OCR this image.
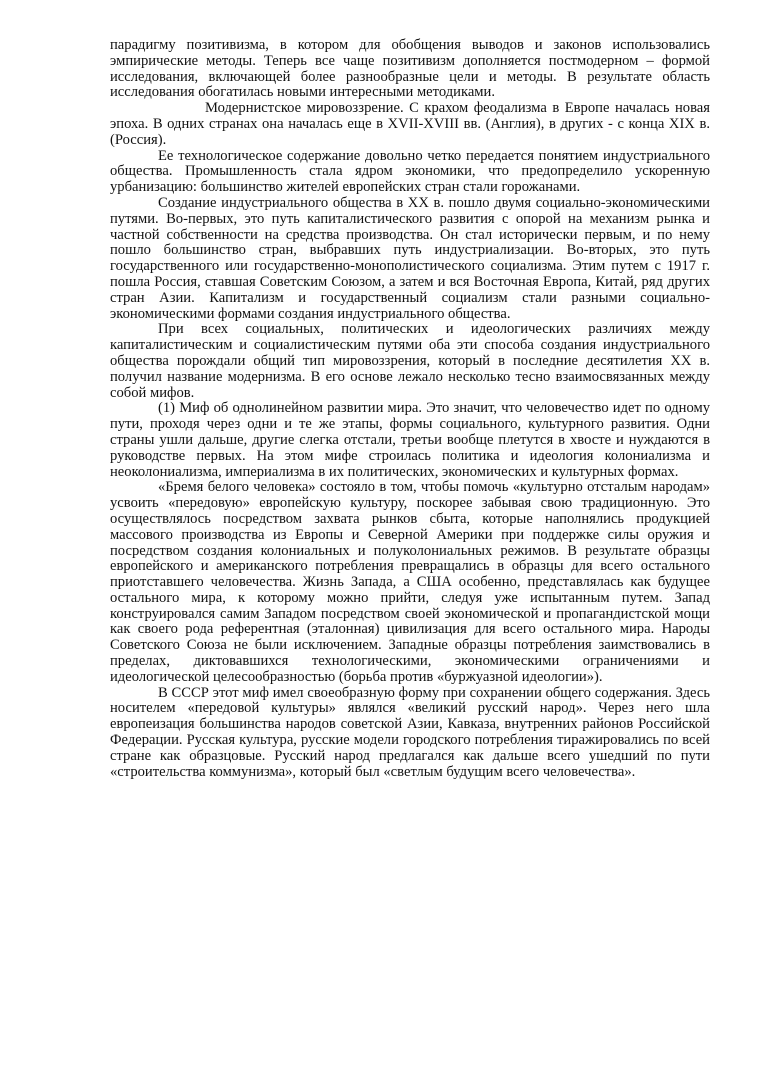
парадигму позитивизма, в котором для обобщения выводов и законов использовались эмпирические методы. Теперь все чаще позитивизм дополняется постмодерном – формой исследования, включающей более разнообразные цели и методы. В результате область исследования обогатилась новыми интересными методиками.

Модернистское мировоззрение. С крахом феодализма в Европе началась новая эпоха. В одних странах она началась еще в XVII-XVIII вв. (Англия), в других - с конца XIX в. (Россия).

Ее технологическое содержание довольно четко передается понятием индустриального общества. Промышленность стала ядром экономики, что предопределило ускоренную урбанизацию: большинство жителей европейских стран стали горожанами.

Создание индустриального общества в XX в. пошло двумя социально-экономическими путями. Во-первых, это путь капиталистического развития с опорой на механизм рынка и частной собственности на средства производства. Он стал исторически первым, и по нему пошло большинство стран, выбравших путь индустриализации. Во-вторых, это путь государственного или государственно-монополистического социализма. Этим путем с 1917 г. пошла Россия, ставшая Советским Союзом, а затем и вся Восточная Европа, Китай, ряд других стран Азии. Капитализм и государственный социализм стали разными социально-экономическими формами создания индустриального общества.

При всех социальных, политических и идеологических различиях между капиталистическим и социалистическим путями оба эти способа создания индустриального общества порождали общий тип мировоззрения, который в последние десятилетия XX в. получил название модернизма. В его основе лежало несколько тесно взаимосвязанных между собой мифов.

(1) Миф об однолинейном развитии мира. Это значит, что человечество идет по одному пути, проходя через одни и те же этапы, формы социального, культурного развития. Одни страны ушли дальше, другие слегка отстали, третьи вообще плетутся в хвосте и нуждаются в руководстве первых. На этом мифе строилась политика и идеология колониализма и неоколониализма, империализма в их политических, экономических и культурных формах.

«Бремя белого человека» состояло в том, чтобы помочь «культурно отсталым народам» усвоить «передовую» европейскую культуру, поскорее забывая свою традиционную. Это осуществлялось посредством захвата рынков сбыта, которые наполнялись продукцией массового производства из Европы и Северной Америки при поддержке силы оружия и посредством создания колониальных и полуколониальных режимов. В результате образцы европейского и американского потребления превращались в образцы для всего остального приотставшего человечества. Жизнь Запада, а США особенно, представлялась как будущее остального мира, к которому можно прийти, следуя уже испытанным путем. Запад конструировался самим Западом посредством своей экономической и пропагандистской мощи как своего рода референтная (эталонная) цивилизация для всего остального мира. Народы Советского Союза не были исключением. Западные образцы потребления заимствовались в пределах, диктовавшихся технологическими, экономическими ограничениями и идеологической целесообразностью (борьба против «буржуазной идеологии»).

В СССР этот миф имел своеобразную форму при сохранении общего содержания. Здесь носителем «передовой культуры» являлся «великий русский народ». Через него шла европеизация большинства народов советской Азии, Кавказа, внутренних районов Российской Федерации. Русская культура, русские модели городского потребления тиражировались по всей стране как образцовые. Русский народ предлагался как дальше всего ушедший по пути «строительства коммунизма», который был «светлым будущим всего человечества».
